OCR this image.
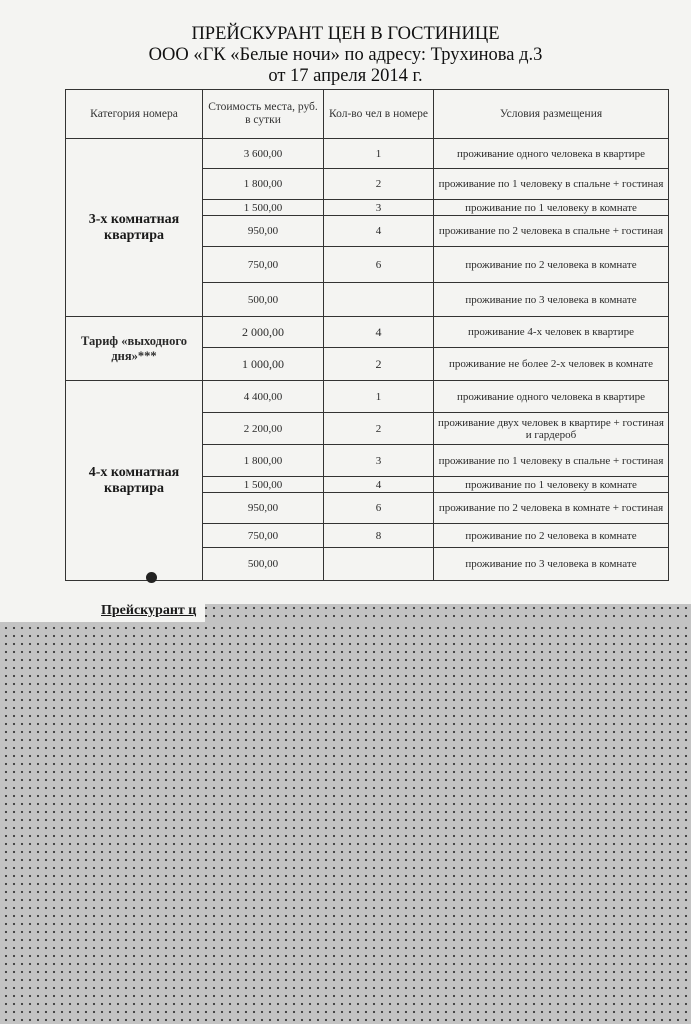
ПРЕЙСКУРАНТ ЦЕН В ГОСТИНИЦЕ
ООО «ГК «Белые ночи» по адресу: Трухинова д.3
от 17 апреля 2014 г.
Категория номера	Стоимость места, руб. в сутки	Кол-во чел в номере	Условия размещения
3-х комнатная квартира	3 600,00	1	проживание одного человека в квартире
	1 800,00	2	проживание по 1 человеку в спальне + гостиная
	1 500,00	3	проживание по 1 человеку в комнате
	950,00	4	проживание по 2 человека в спальне + гостиная
	750,00	6	проживание по 2 человека в комнате
	500,00		проживание по 3 человека в комнате
Тариф «выходного дня»***	2 000,00	4	проживание 4-х человек в квартире
	1 000,00	2	проживание не более 2-х человек в комнате
4-х комнатная квартира	4 400,00	1	проживание одного человека в квартире
	2 200,00	2	проживание двух человек в квартире + гостиная и гардероб
	1 800,00	3	проживание по 1 человеку в спальне + гостиная
	1 500,00	4	проживание по 1 человеку в комнате
	950,00	6	проживание по 2 человека в комнате + гостиная
	750,00	8	проживание по 2 человека в комнате
	500,00		проживание по 3 человека в комнате
Прейскурант ц
